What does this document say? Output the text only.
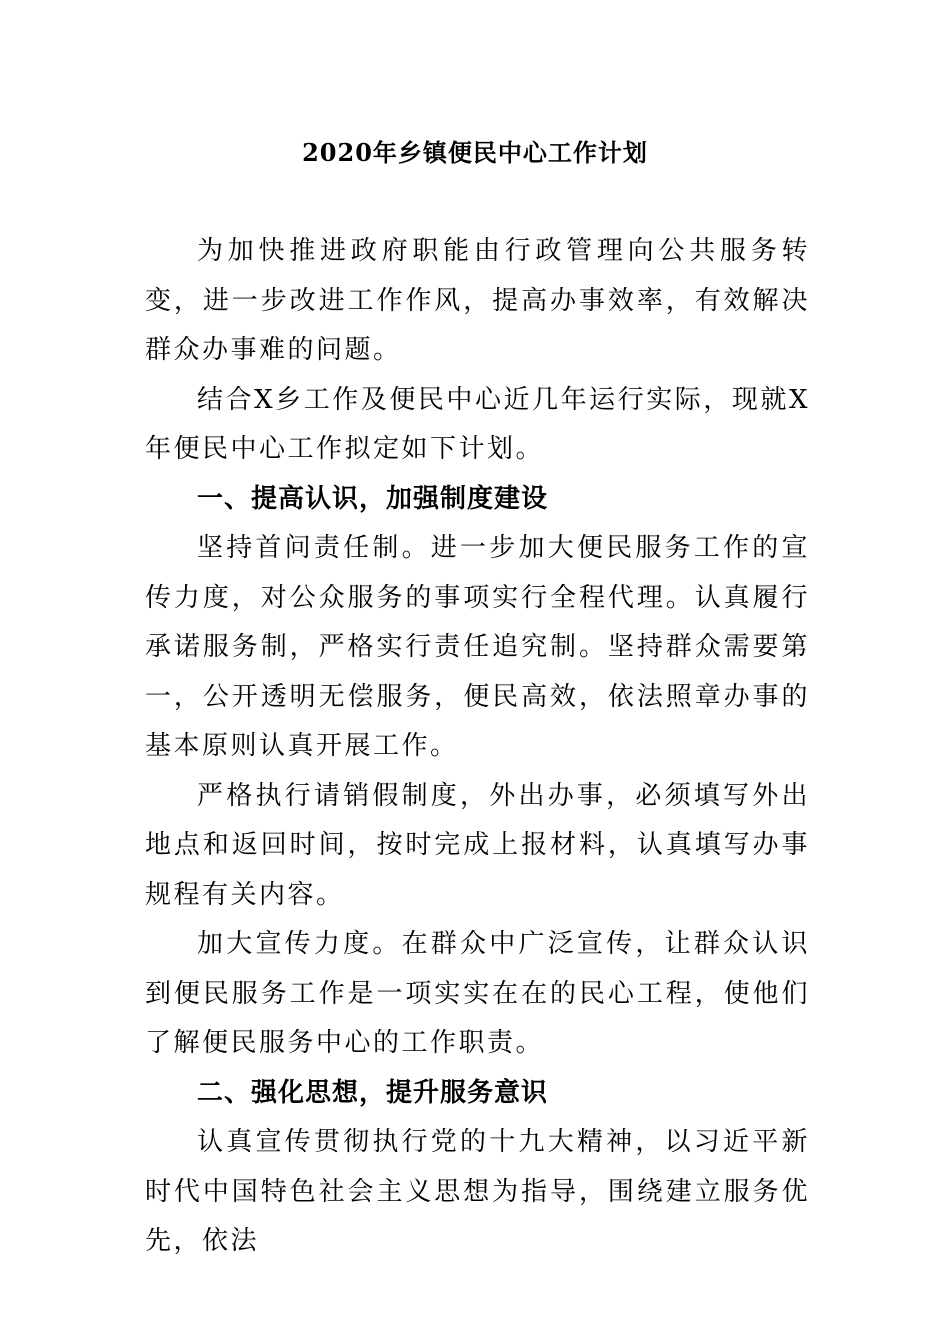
2020年乡镇便民中心工作计划

为加快推进政府职能由行政管理向公共服务转变，进一步改进工作作风，提高办事效率，有效解决群众办事难的问题。

结合X乡工作及便民中心近几年运行实际，现就X年便民中心工作拟定如下计划。

一、提高认识，加强制度建设

坚持首问责任制。进一步加大便民服务工作的宣传力度，对公众服务的事项实行全程代理。认真履行承诺服务制，严格实行责任追究制。坚持群众需要第一，公开透明无偿服务，便民高效，依法照章办事的基本原则认真开展工作。

严格执行请销假制度，外出办事，必须填写外出地点和返回时间，按时完成上报材料，认真填写办事规程有关内容。

加大宣传力度。在群众中广泛宣传，让群众认识到便民服务工作是一项实实在在的民心工程，使他们了解便民服务中心的工作职责。

二、强化思想，提升服务意识

认真宣传贯彻执行党的十九大精神，以习近平新时代中国特色社会主义思想为指导，围绕建立服务优先，依法
